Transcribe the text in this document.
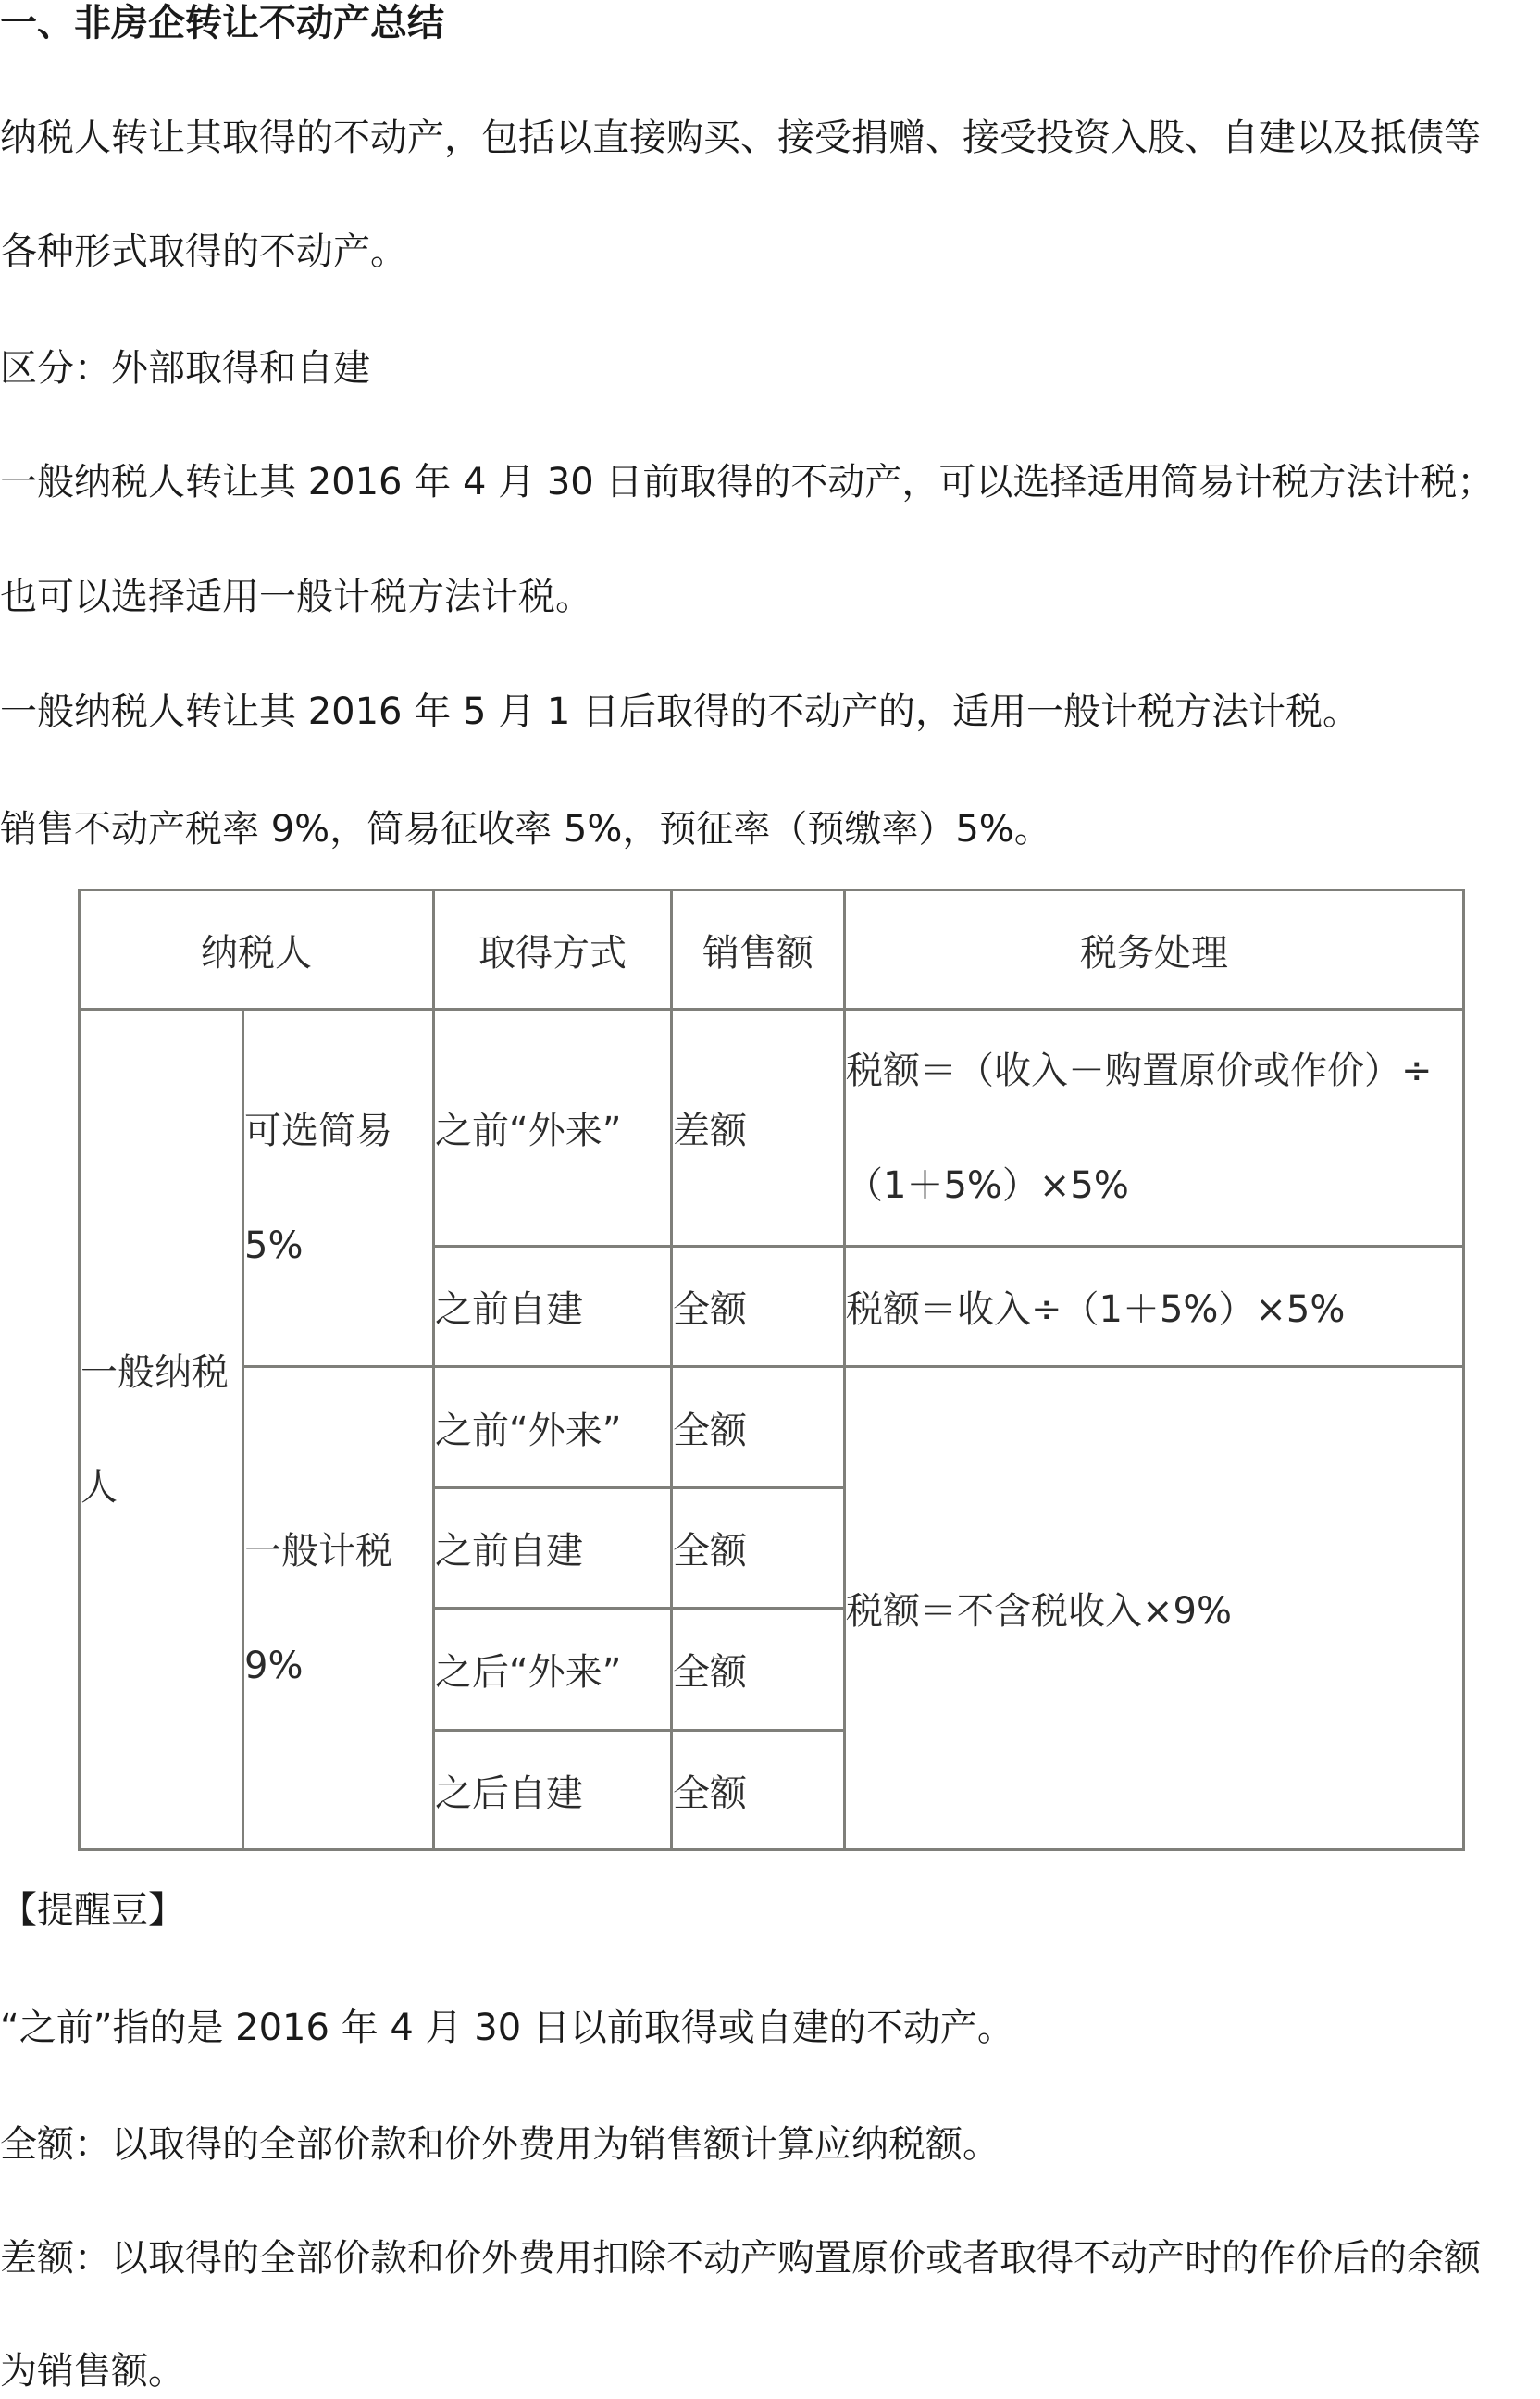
一、非房企转让不动产总结
纳税人转让其取得的不动产，包括以直接购买、接受捐赠、接受投资入股、自建以及抵债等
各种形式取得的不动产。
区分：外部取得和自建
一般纳税人转让其 2016 年 4 月 30 日前取得的不动产，可以选择适用简易计税方法计税；
也可以选择适用一般计税方法计税。
一般纳税人转让其 2016 年 5 月 1 日后取得的不动产的，适用一般计税方法计税。
销售不动产税率 9%，简易征收率 5%，预征率（预缴率）5%。
纳税人		取得方式	销售额	税务处理
一般纳税人	可选简易5%	之前“外来”	差额	税额＝（收入－购置原价或作价）÷（1＋5%）×5%
		之前自建	全额	税额＝收入÷（1＋5%）×5%
	一般计税9%	之前“外来”	全额	税额＝不含税收入×9%
		之前自建	全额	
		之后“外来”	全额	
		之后自建	全额	
【提醒豆】
“之前”指的是 2016 年 4 月 30 日以前取得或自建的不动产。
全额：以取得的全部价款和价外费用为销售额计算应纳税额。
差额：以取得的全部价款和价外费用扣除不动产购置原价或者取得不动产时的作价后的余额
为销售额。
